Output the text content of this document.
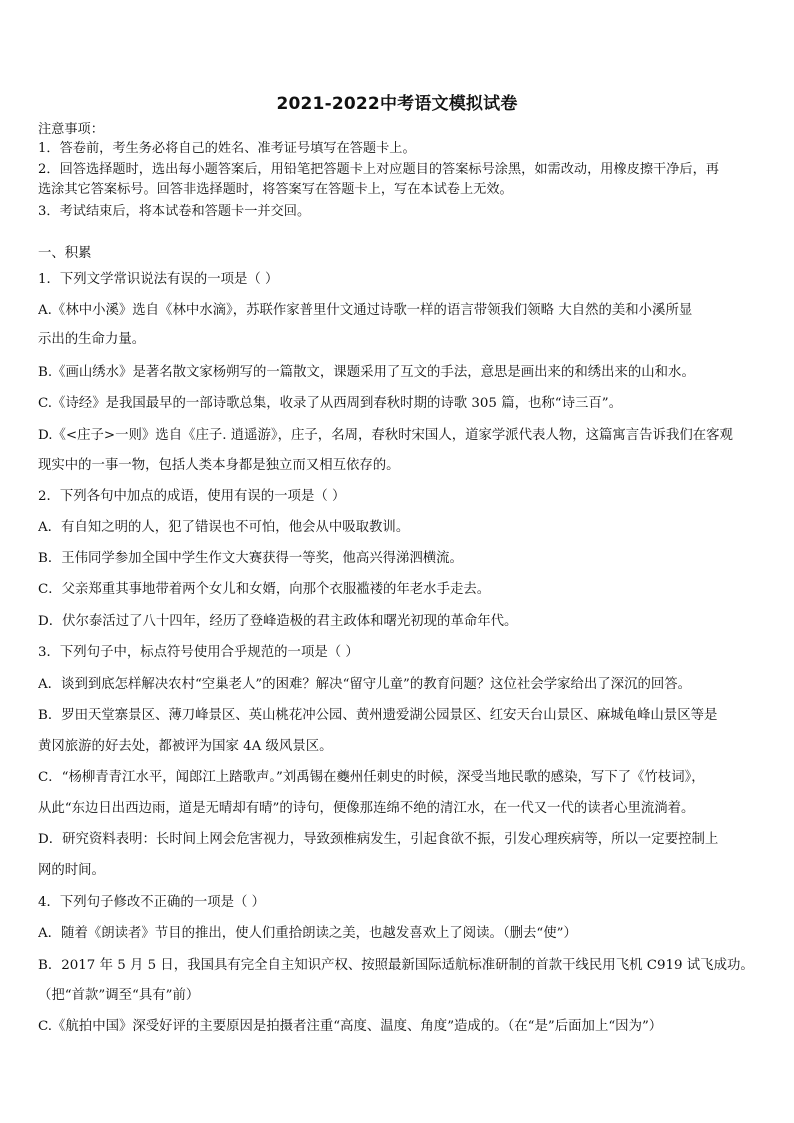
2021-2022中考语文模拟试卷
注意事项：
1．答卷前，考生务必将自己的姓名、准考证号填写在答题卡上。
2．回答选择题时，选出每小题答案后，用铅笔把答题卡上对应题目的答案标号涂黑，如需改动，用橡皮擦干净后，再
选涂其它答案标号。回答非选择题时，将答案写在答题卡上，写在本试卷上无效。
3．考试结束后，将本试卷和答题卡一并交回。
一、积累
1．下列文学常识说法有误的一项是（ ）
A.《林中小溪》选自《林中水滴》，苏联作家普里什文通过诗歌一样的语言带领我们领略 大自然的美和小溪所显
示出的生命力量。
B.《画山绣水》是著名散文家杨朔写的一篇散文，课题采用了互文的手法，意思是画出来的和绣出来的山和水。
C.《诗经》是我国最早的一部诗歌总集，收录了从西周到春秋时期的诗歌 305 篇，也称“诗三百”。
D.《<庄子>一则》选自《庄子. 逍遥游》，庄子，名周，春秋时宋国人，道家学派代表人物，这篇寓言告诉我们在客观
现实中的一事一物，包括人类本身都是独立而又相互依存的。
2．下列各句中加点的成语，使用有误的一项是（ ）
A．有自知之明的人，犯了错误也不可怕，他会从中吸取教训。
B．王伟同学参加全国中学生作文大赛获得一等奖，他高兴得涕泗横流。
C．父亲郑重其事地带着两个女儿和女婿，向那个衣服褴褛的年老水手走去。
D．伏尔泰活过了八十四年，经历了登峰造极的君主政体和曙光初现的革命年代。
3．下列句子中，标点符号使用合乎规范的一项是（ ）
A．谈到到底怎样解决农村“空巢老人”的困难？解决“留守儿童”的教育问题？这位社会学家给出了深沉的回答。
B．罗田天堂寨景区、薄刀峰景区、英山桃花冲公园、黄州遗爱湖公园景区、红安天台山景区、麻城龟峰山景区等是
黄冈旅游的好去处，都被评为国家 4A 级风景区。
C．“杨柳青青江水平，闻郎江上踏歌声。”刘禹锡在夔州任刺史的时候，深受当地民歌的感染，写下了《竹枝词》，
从此“东边日出西边雨，道是无晴却有晴”的诗句，便像那连绵不绝的清江水，在一代又一代的读者心里流淌着。
D．研究资料表明：长时间上网会危害视力，导致颈椎病发生，引起食欲不振，引发心理疾病等，所以一定要控制上
网的时间。
4．下列句子修改不正确的一项是（ ）
A．随着《朗读者》节目的推出，使人们重拾朗读之美，也越发喜欢上了阅读。（删去“使”）
B．2017 年 5 月 5 日，我国具有完全自主知识产权、按照最新国际适航标准研制的首款干线民用飞机 C919 试飞成功。
（把“首款”调至“具有”前）
C.《航拍中国》深受好评的主要原因是拍摄者注重“高度、温度、角度”造成的。（在“是”后面加上“因为”）
